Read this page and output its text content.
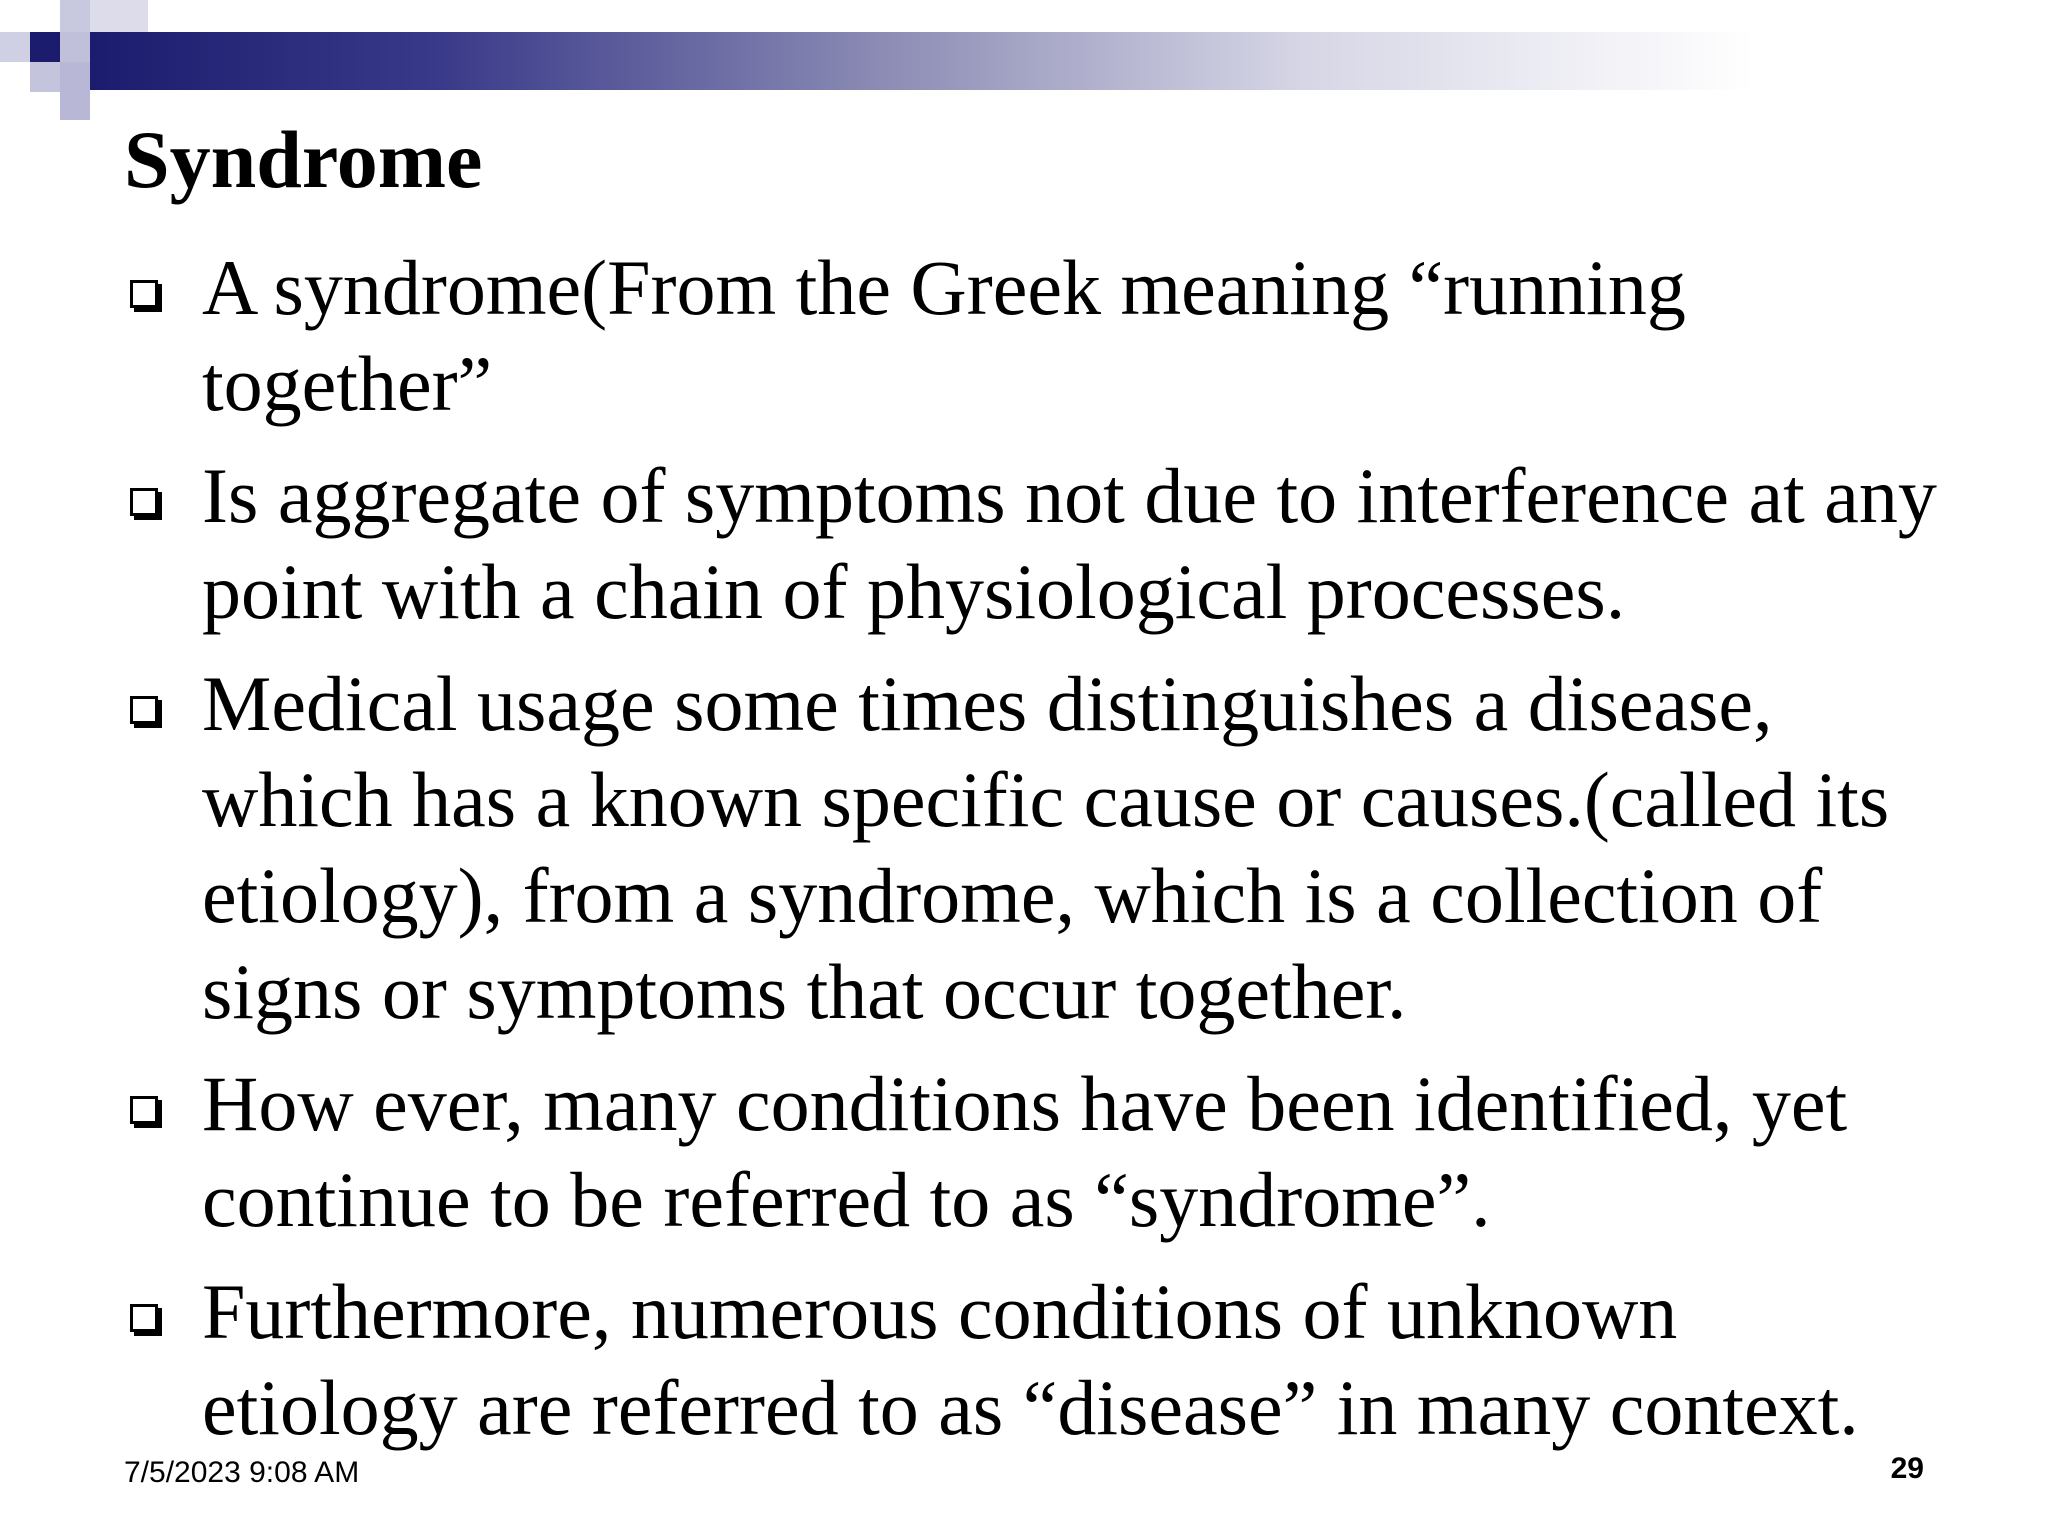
Syndrome
A syndrome(From the Greek meaning “running together”
Is aggregate of symptoms not due to interference at any point with a chain of physiological processes.
Medical usage some times distinguishes a disease, which has a known specific cause or causes.(called its etiology), from a syndrome, which is a collection of signs or symptoms that occur together.
How ever, many conditions have been identified, yet continue to be referred to as “syndrome”.
Furthermore, numerous conditions of unknown etiology are referred to as “disease” in many context.
7/5/2023 9:08 AM	29
